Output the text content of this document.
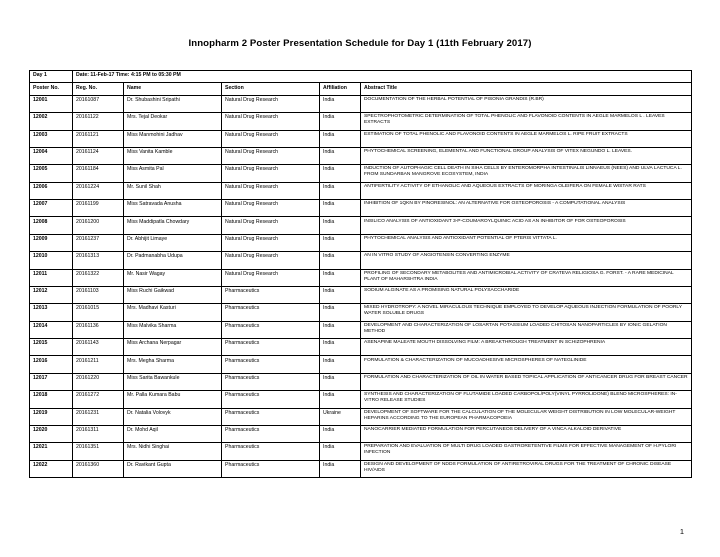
Innopharm 2 Poster Presentation Schedule for Day 1 (11th February 2017)
Day 1	Date: 11-Feb-17 Time: 4:15 PM to 05:30 PM				
Poster No.	Reg. No.	Name	Section	Affiliation	Abstract Title
12001	20161087	Dr. Shubashini Sripathi	Natural Drug Research	India	DOCUMENTATION OF THE HERBAL POTENTIAL OF PISONIA GRANDIS (R.BR)
12002	20161122	Mrs. Tejal Deokar	Natural Drug Research	India	SPECTROPHOTOMETRIC DETERMINATION OF TOTAL PHENOLIC AND FLAVONOID CONTENTS IN AEGLE MARMELOS L . LEAVES EXTRACTS
12003	20161121	Miss Manmohini Jadhav	Natural Drug Research	India	ESTIMATION OF TOTAL PHENOLIC AND FLAVONOID CONTENTS IN AEGLE MARMELOS L. RIPE FRUIT EXTRACTS
12004	20161124	Miss Vanita Kamble	Natural Drug Research	India	PHYTOCHEMICAL SCREENING, ELEMENTAL AND FUNCTIONAL GROUP ANALYSIS OF VITEX NEGUNDO L. LEAVES.
12005	20161184	Miss Asmita Pal	Natural Drug Research	India	INDUCTION OF AUTOPHAGIC CELL DEATH IN SIHA CELLS BY ENTEROMORPHA INTESTINALIS LINNAEUS (NEES) AND ULVA LACTUCA L. FROM SUNDARBAN MANGROVE ECOSYSTEM, INDIA
12006	20161224	Mr. Sunil Shah	Natural Drug Research	India	ANTIFERTILITY ACTIVITY OF ETHANOLIC AND AQUEOUS EXTRACTS OF MORINGA OLEIFERA ON FEMALE WISTAR RATS
12007	20161199	Miss Satravada Anusha	Natural Drug Research	India	INHIBITION OF 1QKN BY PINORESINOL: AN ALTERNATIVE FOR OSTEOPOROSIS - A COMPUTATIONAL ANALYSIS
12008	20161200	Miss Maddipatla Chowdary	Natural Drug Research	India	INSILICO ANALYSIS OF ANTIOXIDANT 3-P-COUMAROYLQUINIC ACID AS AN INHIBITOR OF FOR OSTEOPOROSIS
12009	20161237	Dr. Abhijit Limaye	Natural Drug Research	India	PHYTOCHEMICAL ANALYSIS AND ANTIOXIDANT POTENTIAL OF PTERIS VITTATA L.
12010	20161313	Dr. Padmanabha Udupa	Natural Drug Research	India	AN IN VITRO STUDY OF ANGIOTENSIN CONVERTING ENZYME
12011	20161322	Mr. Nasir Wagay	Natural Drug Research	India	PROFILING OF SECONDARY METABOLITES AND ANTIMICROBIAL ACTIVITY OF CRATEVA RELIGIOSA G. FORST. - A RARE MEDICINAL PLANT OF MAHARSHTRA INDIA
12012	20161103	Miss Ruchi Gaikwad	Pharmaceutics	India	SODIUM ALGINATE AS A PROMISING NATURAL POLYSACCHARIDE
12013	20161015	Mrs. Madhavi Kasturi	Pharmaceutics	India	MIXED HYDROTROPY: A NOVEL MIRACULOUS TECHNIQUE EMPLOYED TO DEVELOP AQUEOUS INJECTION FORMULATION OF POORLY WATER SOLUBLE DRUGS
12014	20161136	Miss Malvika Sharma	Pharmaceutics	India	DEVELOPMENT AND CHARACTERIZATION OF LOSARTAN POTASSIUM LOADED CHITOSAN NANOPARTICLES BY IONIC GELATION METHOD
12015	20161143	Miss Archana Nerpagar	Pharmaceutics	India	ASENAPINE MALEATE MOUTH DISSOLVING FILM: A BREAKTHROUGH TREATMENT IN SCHIZOPHRENIA
12016	20161211	Mrs. Megha Sharma	Pharmaceutics	India	FORMULATION & CHARACTERIZATION OF MUCOADHESIVE MICROSPHERES OF NATEGLINIDE
12017	20161220	Miss Sarita Bawankule	Pharmaceutics	India	FORMULATION AND CHARACTERIZATION OF OIL IN WATER BASED TOPICAL APPLICATION OF ANTICANCER DRUG FOR BREAST CANCER
12018	20161272	Mr. Palla Kumara Babu	Pharmaceutics	India	SYNTHESIS AND CHARACTERIZATION OF FLUTAMIDE LOADED CARBOPOL/POLY(VINYL PYRROLIDONE) BLEND MICROSPHERES: IN-VITRO RELEASE STUDIES
12019	20161231	Dr. Natalia Volovyk	Pharmaceutics	Ukraine	DEVELOPMENT OF SOFTWARE FOR THE CALCULATION OF THE MOLECULAR WEIGHT DISTRIBUTION IN LOW MOLECULAR-WEIGHT HEPARINS ACCORDING TO THE EUROPEAN PHARMACOPOEIA
12020	20161311	Dr. Mohd Aqil	Pharmaceutics	India	NANOCARRIER MEDIATED FORMULATION FOR PERCUTANEOS DELIVERY OF A VINCA ALKALOID DERIVATIVE
12021	20161351	Mrs. Nidhi Singhai	Pharmaceutics	India	PREPARATION AND EVALUATION OF MULTI DRUG LOADED GASTRORETENTIVE FILMS FOR EFFECTIVE MANAGEMENT OF H.PYLORI INFECTION
12022	20161360	Dr. Ravikant Gupta	Pharmaceutics	India	DESIGN AND DEVELOPMENT OF NDDS FORMULATION OF ANTIRETROVIRAL DRUGS FOR THE TREATMENT OF CHRONIC DISEASE HIV/AIDS
1
